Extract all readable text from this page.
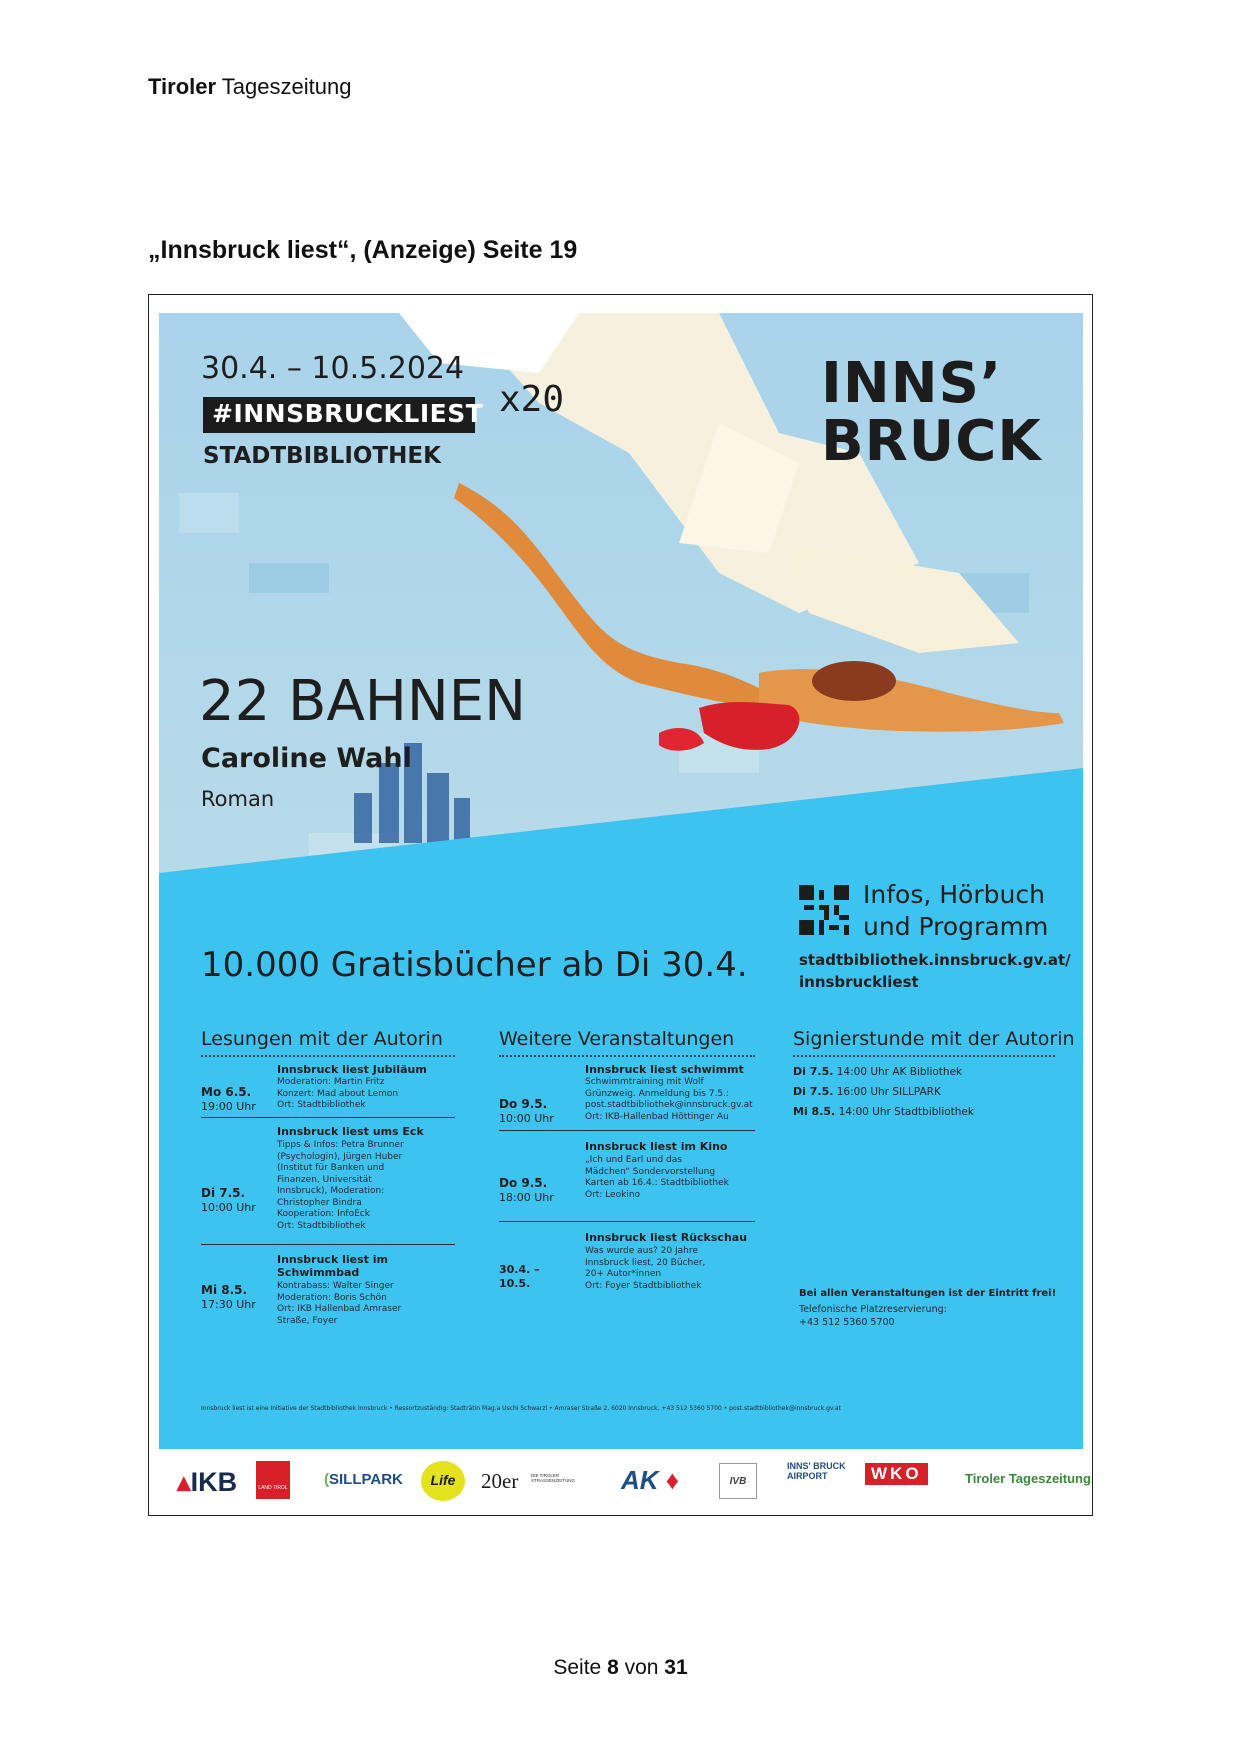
Tiroler Tageszeitung
„Innsbruck liest“, (Anzeige) Seite 19
30.4. – 10.5.2024
#INNSBRUCKLIEST x20
STADTBIBLIOTHEK
INNS’
BRUCK
22 BAHNEN
Caroline Wahl
Roman
Infos, Hörbuch
und Programm
stadtbibliothek.innsbruck.gv.at/
innsbruckliest
10.000 Gratisbücher ab Di 30.4.
Lesungen mit der Autorin
Mo 6.5.
19:00 Uhr
Innsbruck liest Jubiläum
Moderation: Martin Fritz
Konzert: Mad about Lemon
Ort: Stadtbibliothek
Di 7.5.
10:00 Uhr
Innsbruck liest ums Eck
Tipps & Infos: Petra Brunner
(Psychologin), Jürgen Huber
(Institut für Banken und
Finanzen, Universität
Innsbruck), Moderation:
Christopher Bindra
Kooperation: InfoEck
Ort: Stadtbibliothek
Mi 8.5.
17:30 Uhr
Innsbruck liest im
Schwimmbad
Kontrabass: Walter Singer
Moderation: Boris Schön
Ort: IKB Hallenbad Amraser
Straße, Foyer
Weitere Veranstaltungen
Do 9.5.
10:00 Uhr
Innsbruck liest schwimmt
Schwimmtraining mit Wolf
Grünzweig. Anmeldung bis 7.5.:
post.stadtbibliothek@innsbruck.gv.at
Ort: IKB-Hallenbad Höttinger Au
Do 9.5.
18:00 Uhr
Innsbruck liest im Kino
„Ich und Earl und das
Mädchen“ Sondervorstellung
Karten ab 16.4.: Stadtbibliothek
Ort: Leokino
30.4. –
10.5.
Innsbruck liest Rückschau
Was wurde aus? 20 Jahre
Innsbruck liest, 20 Bücher,
20+ Autor*innen
Ort: Foyer Stadtbibliothek
Signierstunde mit der Autorin
Di 7.5. 14:00 Uhr AK Bibliothek
Di 7.5. 16:00 Uhr SILLPARK
Mi 8.5. 14:00 Uhr Stadtbibliothek
Bei allen Veranstaltungen ist der Eintritt frei!
Telefonische Platzreservierung:
+43 512 5360 5700
Innsbruck liest ist eine Initiative der Stadtbibliothek Innsbruck • Ressortzuständig: Stadträtin Mag.a Uschi Schwarzl • Amraser Straße 2, 6020 Innsbruck, +43 512 5360 5700 • post.stadtbibliothek@innsbruck.gv.at
▴IKB	LAND TIROL (SILLPARK	Life	20er	DIE TIROLER STRASSENZEITUNG	AK ♦	IVB
INNS' BRUCK AIRPORT	WKO	Tiroler Tageszeitung
Seite 8 von 31
